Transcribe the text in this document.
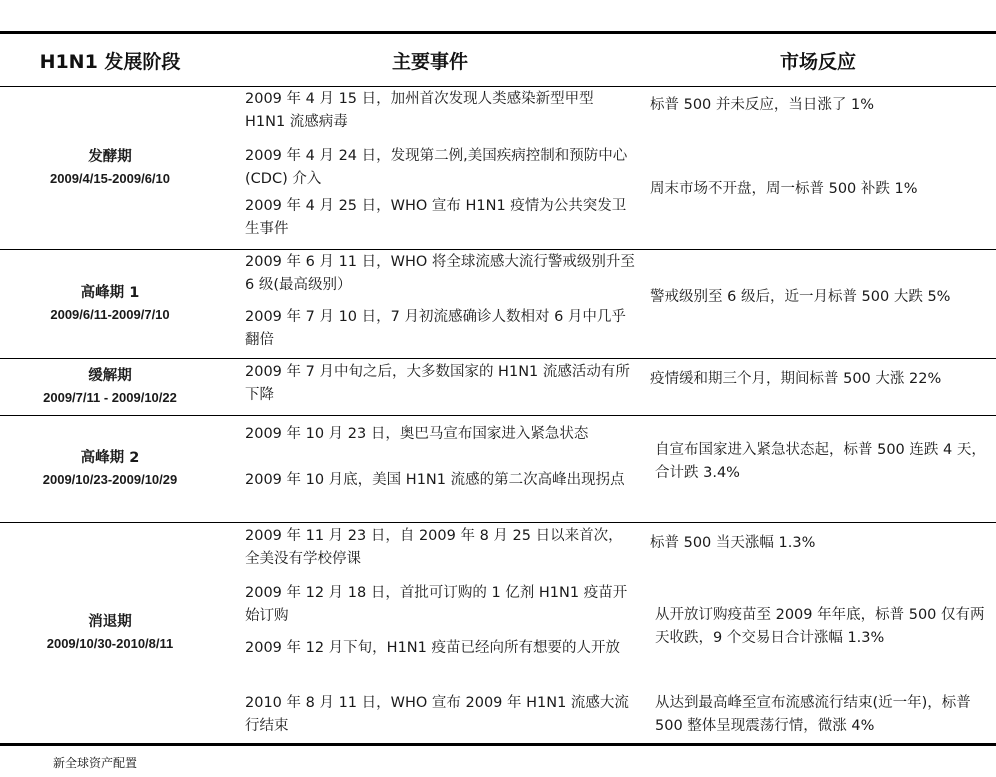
H1N1 发展阶段	主要事件	市场反应
发酵期
2009/4/15-2009/6/10
2009 年 4 月 15 日，加州首次发现人类感染新型甲型 H1N1 流感病毒
2009 年 4 月 24 日，发现第二例,美国疾病控制和预防中心(CDC) 介入
2009 年 4 月 25 日，WHO 宣布 H1N1 疫情为公共突发卫生事件
标普 500 并未反应，当日涨了 1%
周末市场不开盘，周一标普 500 补跌 1%
高峰期 1
2009/6/11-2009/7/10
2009 年 6 月 11 日，WHO 将全球流感大流行警戒级别升至 6 级(最高级别）
2009 年 7 月 10 日，7 月初流感确诊人数相对 6 月中几乎翻倍
警戒级别至 6 级后，近一月标普 500 大跌 5%
缓解期
2009/7/11 - 2009/10/22
2009 年 7 月中旬之后，大多数国家的 H1N1 流感活动有所下降
疫情缓和期三个月，期间标普 500 大涨 22%
高峰期 2
2009/10/23-2009/10/29
2009 年 10 月 23 日，奥巴马宣布国家进入紧急状态
2009 年 10 月底，美国 H1N1 流感的第二次高峰出现拐点
自宣布国家进入紧急状态起，标普 500 连跌 4 天，合计跌 3.4%
消退期
2009/10/30-2010/8/11
2009 年 11 月 23 日，自 2009 年 8 月 25 日以来首次，全美没有学校停课
2009 年 12 月 18 日，首批可订购的 1 亿剂 H1N1 疫苗开始订购
2009 年 12 月下旬，H1N1 疫苗已经向所有想要的人开放
2010 年 8 月 11 日，WHO 宣布 2009 年 H1N1 流感大流行结束
标普 500 当天涨幅 1.3%
从开放订购疫苗至 2009 年年底，标普 500 仅有两天收跌，9 个交易日合计涨幅 1.3%
从达到最高峰至宣布流感流行结束(近一年)，标普 500 整体呈现震荡行情，微涨 4%
新全球资产配置
